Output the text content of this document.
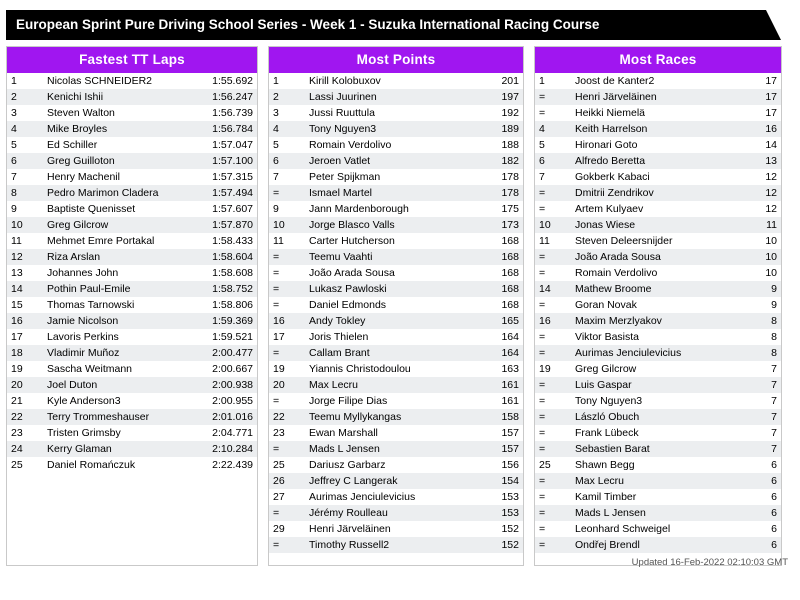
European Sprint Pure Driving School Series - Week 1 - Suzuka International Racing Course
Fastest TT Laps
1	Nicolas SCHNEIDER2	1:55.692
2	Kenichi Ishii	1:56.247
3	Steven Walton	1:56.739
4	Mike Broyles	1:56.784
5	Ed Schiller	1:57.047
6	Greg Guilloton	1:57.100
7	Henry Machenil	1:57.315
8	Pedro Marimon Cladera	1:57.494
9	Baptiste Quenisset	1:57.607
10	Greg Gilcrow	1:57.870
11	Mehmet Emre Portakal	1:58.433
12	Riza Arslan	1:58.604
13	Johannes John	1:58.608
14	Pothin Paul-Emile	1:58.752
15	Thomas Tarnowski	1:58.806
16	Jamie Nicolson	1:59.369
17	Lavoris Perkins	1:59.521
18	Vladimir Muñoz	2:00.477
19	Sascha Weitmann	2:00.667
20	Joel Duton	2:00.938
21	Kyle Anderson3	2:00.955
22	Terry Trommeshauser	2:01.016
23	Tristen Grimsby	2:04.771
24	Kerry Glaman	2:10.284
25	Daniel Romańczuk	2:22.439
Most Points
1	Kirill Kolobuxov	201
2	Lassi Juurinen	197
3	Jussi Ruuttula	192
4	Tony Nguyen3	189
5	Romain Verdolivo	188
6	Jeroen Vatlet	182
7	Peter Spijkman	178
=	Ismael Martel	178
9	Jann Mardenborough	175
10	Jorge Blasco Valls	173
11	Carter Hutcherson	168
=	Teemu Vaahti	168
=	João Arada Sousa	168
=	Lukasz Pawloski	168
=	Daniel Edmonds	168
16	Andy Tokley	165
17	Joris Thielen	164
=	Callam Brant	164
19	Yiannis Christodoulou	163
20	Max Lecru	161
=	Jorge Filipe Dias	161
22	Teemu Myllykangas	158
23	Ewan Marshall	157
=	Mads L Jensen	157
25	Dariusz Garbarz	156
26	Jeffrey C Langerak	154
27	Aurimas Jenciulevicius	153
=	Jérémy Roulleau	153
29	Henri Järveläinen	152
=	Timothy Russell2	152
Most Races
1	Joost de Kanter2	17
=	Henri Järveläinen	17
=	Heikki Niemelä	17
4	Keith Harrelson	16
5	Hironari Goto	14
6	Alfredo Beretta	13
7	Gokberk Kabaci	12
=	Dmitrii Zendrikov	12
=	Artem Kulyaev	12
10	Jonas Wiese	11
11	Steven Deleersnijder	10
=	João Arada Sousa	10
=	Romain Verdolivo	10
14	Mathew Broome	9
=	Goran Novak	9
16	Maxim Merzlyakov	8
=	Viktor Basista	8
=	Aurimas Jenciulevicius	8
19	Greg Gilcrow	7
=	Luis Gaspar	7
=	Tony Nguyen3	7
=	László Obuch	7
=	Frank Lübeck	7
=	Sebastien Barat	7
25	Shawn Begg	6
=	Max Lecru	6
=	Kamil Timber	6
=	Mads L Jensen	6
=	Leonhard Schweigel	6
=	Ondřej Brendl	6
Updated 16-Feb-2022 02:10:03 GMT
